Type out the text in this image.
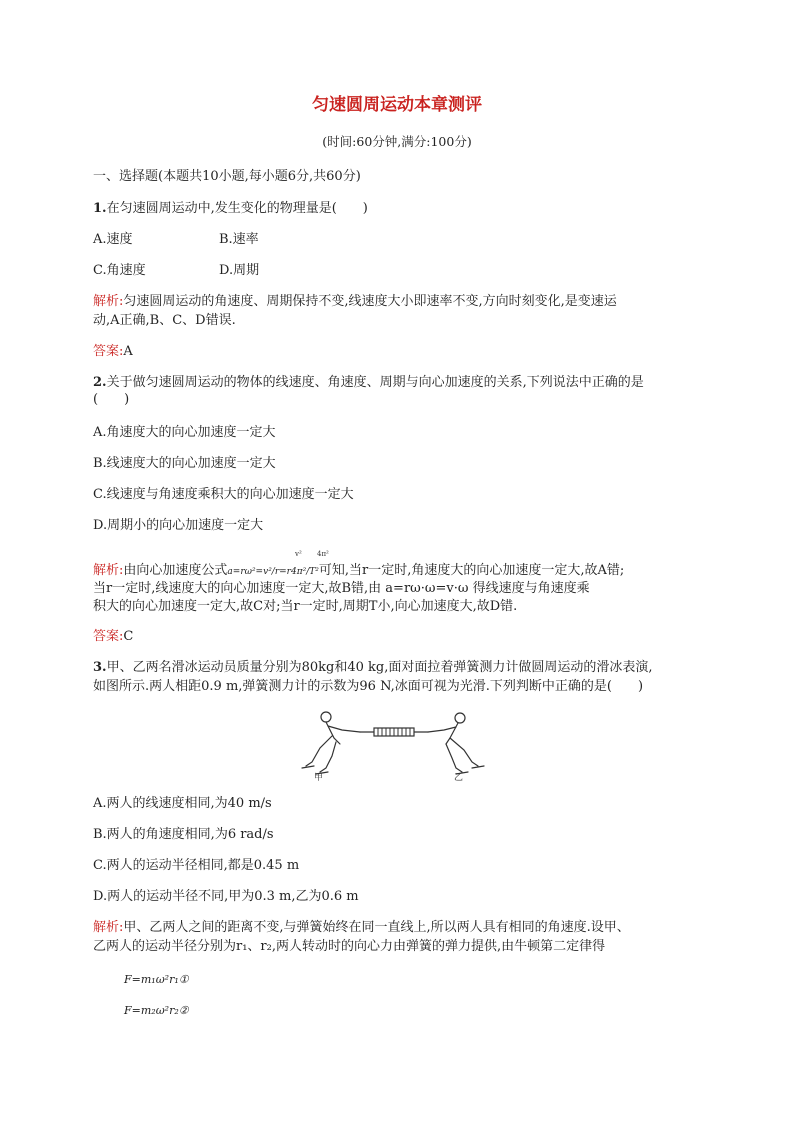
匀速圆周运动本章测评
(时间:60分钟,满分:100分)
一、选择题(本题共10小题,每小题6分,共60分)
1.在匀速圆周运动中,发生变化的物理量是(　　)
A.速度	B.速率
C.角速度	D.周期
解析:匀速圆周运动的角速度、周期保持不变,线速度大小即速率不变,方向时刻变化,是变速运
动,A正确,B、C、D错误.
答案:A
2.关于做匀速圆周运动的物体的线速度、角速度、周期与向心加速度的关系,下列说法中正确的是
(　　)
A.角速度大的向心加速度一定大
B.线速度大的向心加速度一定大
C.线速度与角速度乘积大的向心加速度一定大
D.周期小的向心加速度一定大
v² 4π²
解析:由向心加速度公式a=rω²=v²/r=r4π²/T²可知,当r一定时,角速度大的向心加速度一定大,故A错;
当r一定时,线速度大的向心加速度一定大,故B错,由 a=rω·ω=v·ω 得线速度与角速度乘
积大的向心加速度一定大,故C对;当r一定时,周期T小,向心加速度大,故D错.
答案:C
3.甲、乙两名滑冰运动员质量分别为80kg和40 kg,面对面拉着弹簧测力计做圆周运动的滑冰表演,
如图所示.两人相距0.9 m,弹簧测力计的示数为96 N,冰面可视为光滑.下列判断中正确的是(　　)
甲	乙
A.两人的线速度相同,为40 m/s
B.两人的角速度相同,为6 rad/s
C.两人的运动半径相同,都是0.45 m
D.两人的运动半径不同,甲为0.3 m,乙为0.6 m
解析:甲、乙两人之间的距离不变,与弹簧始终在同一直线上,所以两人具有相同的角速度.设甲、
乙两人的运动半径分别为r₁、r₂,两人转动时的向心力由弹簧的弹力提供,由牛顿第二定律得
F=m₁ω²r₁①
F=m₂ω²r₂②
